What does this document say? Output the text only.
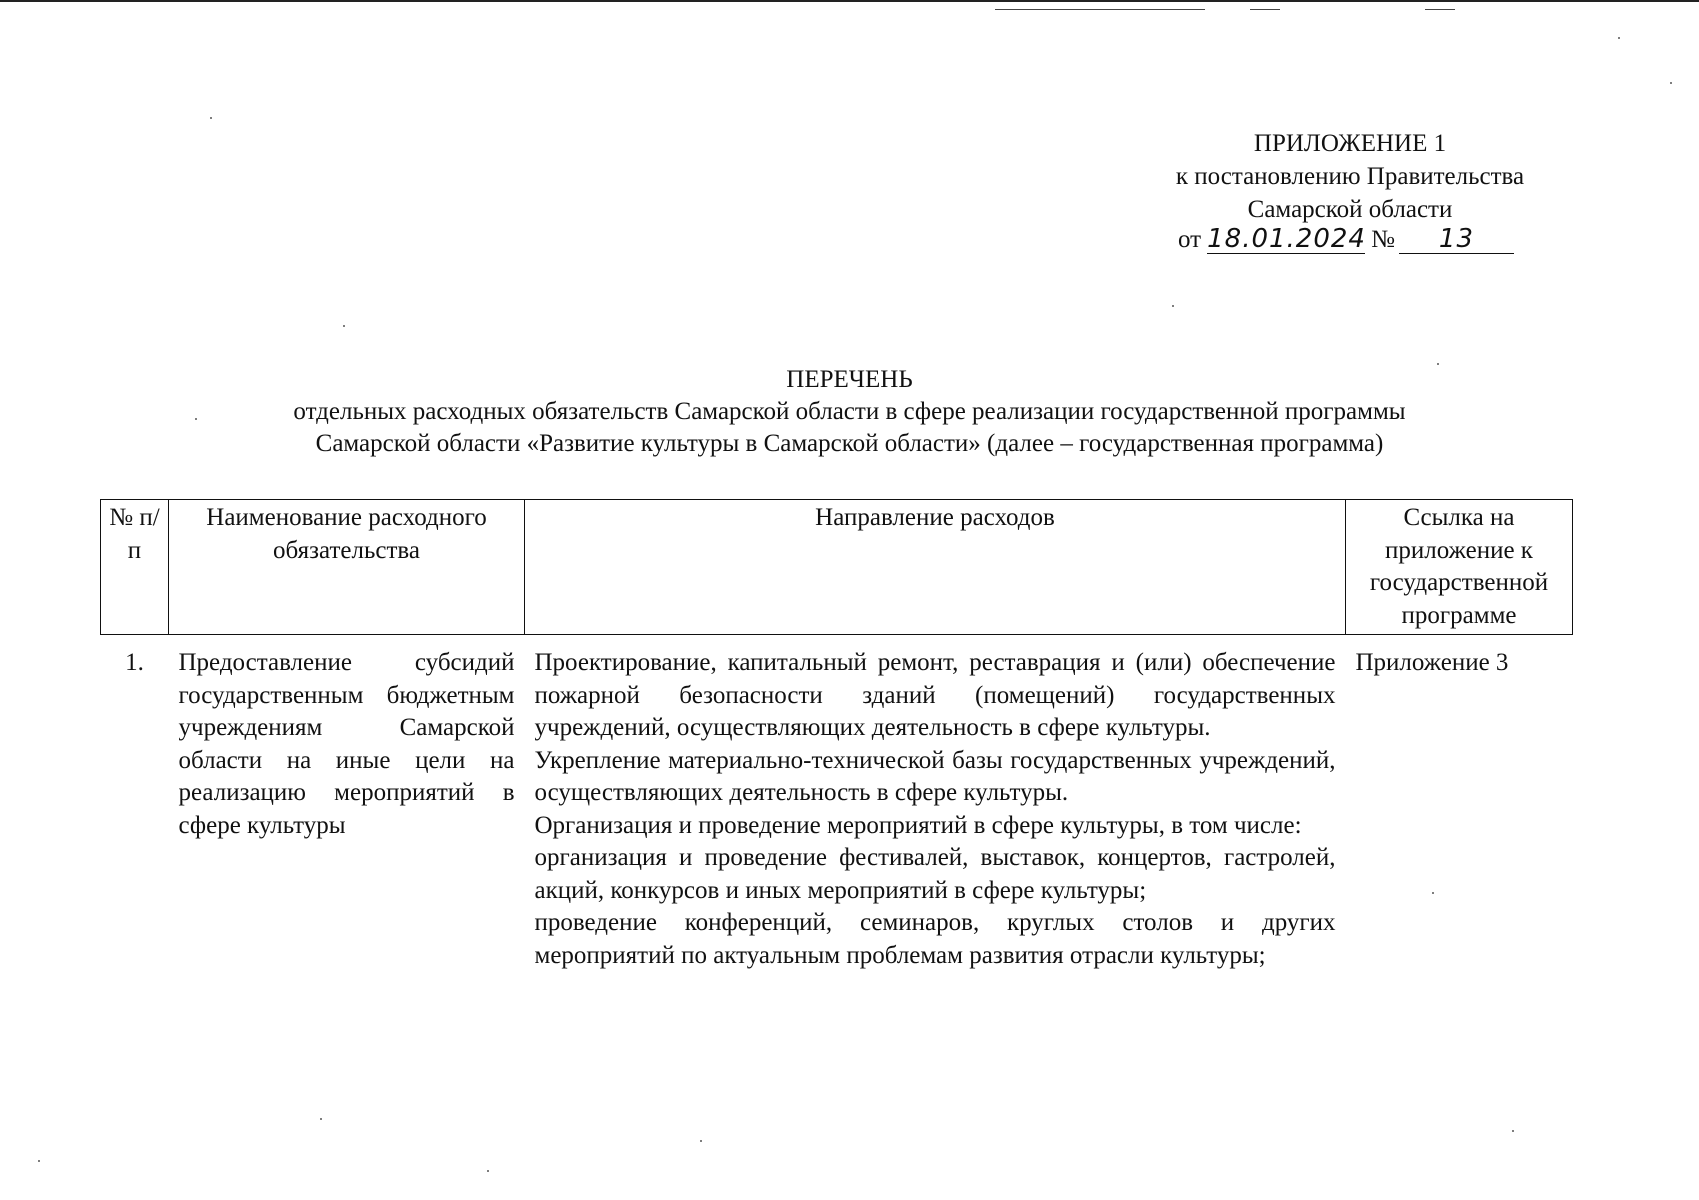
ПРИЛОЖЕНИЕ 1
к постановлению Правительства
Самарской области
от 18.01.2024 № 13
ПЕРЕЧЕНЬ
отдельных расходных обязательств Самарской области в сфере реализации государственной программы
Самарской области «Развитие культуры в Самарской области» (далее – государственная программа)
№ п/п	Наименование расходного обязательства	Направление расходов	Ссылка на приложение к государственной программе
1.	Предоставление субсидий государственным бюджетным учреждениям Самарской области на иные цели на реализацию мероприятий в сфере культуры	Проектирование, капитальный ремонт, реставрация и (или) обеспечение пожарной безопасности зданий (помещений) государственных учреждений, осуществляющих деятельность в сфере культуры.

Укрепление материально-технической базы государственных учреждений, осуществляющих деятельность в сфере культуры.

Организация и проведение мероприятий в сфере культуры, в том числе:

организация и проведение фестивалей, выставок, концертов, гастролей, акций, конкурсов и иных мероприятий в сфере культуры;

проведение конференций, семинаров, круглых столов и других мероприятий по актуальным проблемам развития отрасли культуры;	Приложение 3
